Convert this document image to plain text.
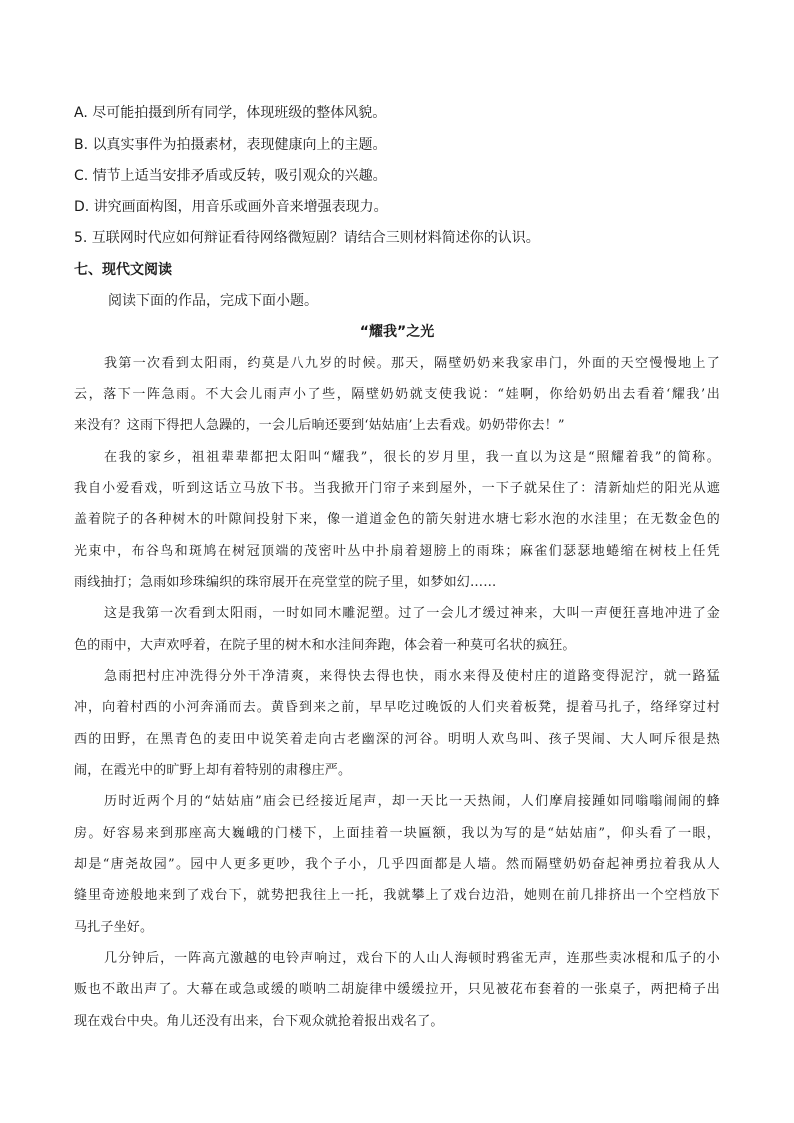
A. 尽可能拍摄到所有同学，体现班级的整体风貌。
B. 以真实事件为拍摄素材，表现健康向上的主题。
C. 情节上适当安排矛盾或反转，吸引观众的兴趣。
D. 讲究画面构图，用音乐或画外音来增强表现力。
5. 互联网时代应如何辩证看待网络微短剧？请结合三则材料简述你的认识。
七、现代文阅读
阅读下面的作品，完成下面小题。
“耀我”之光
我第一次看到太阳雨，约莫是八九岁的时候。那天，隔壁奶奶来我家串门，外面的天空慢慢地上了
云，落下一阵急雨。不大会儿雨声小了些，隔壁奶奶就支使我说：“娃啊，你给奶奶出去看着‘耀我’出
来没有？这雨下得把人急躁的，一会儿后晌还要到‘姑姑庙’上去看戏。奶奶带你去！”
在我的家乡，祖祖辈辈都把太阳叫“耀我”，很长的岁月里，我一直以为这是“照耀着我”的简称。
我自小爱看戏，听到这话立马放下书。当我掀开门帘子来到屋外，一下子就呆住了：清新灿烂的阳光从遮
盖着院子的各种树木的叶隙间投射下来，像一道道金色的箭矢射进水塘七彩水泡的水洼里；在无数金色的
光束中，布谷鸟和斑鸠在树冠顶端的茂密叶丛中扑扇着翅膀上的雨珠；麻雀们瑟瑟地蜷缩在树枝上任凭
雨线抽打；急雨如珍珠编织的珠帘展开在亮堂堂的院子里，如梦如幻……
这是我第一次看到太阳雨，一时如同木雕泥塑。过了一会儿才缓过神来，大叫一声便狂喜地冲进了金
色的雨中，大声欢呼着，在院子里的树木和水洼间奔跑，体会着一种莫可名状的疯狂。
急雨把村庄冲洗得分外干净清爽，来得快去得也快，雨水来得及使村庄的道路变得泥泞，就一路猛
冲，向着村西的小河奔涌而去。黄昏到来之前，早早吃过晚饭的人们夹着板凳，提着马扎子，络绎穿过村
西的田野，在黑青色的麦田中说笑着走向古老幽深的河谷。明明人欢鸟叫、孩子哭闹、大人呵斥很是热
闹，在霞光中的旷野上却有着特别的肃穆庄严。
历时近两个月的“姑姑庙”庙会已经接近尾声，却一天比一天热闹，人们摩肩接踵如同嗡嗡闹闹的蜂
房。好容易来到那座高大巍峨的门楼下，上面挂着一块匾额，我以为写的是“姑姑庙”，仰头看了一眼，
却是“唐尧故园”。园中人更多更吵，我个子小，几乎四面都是人墙。然而隔壁奶奶奋起神勇拉着我从人
缝里奇迹般地来到了戏台下，就势把我往上一托，我就攀上了戏台边沿，她则在前几排挤出一个空档放下
马扎子坐好。
几分钟后，一阵高亢激越的电铃声响过，戏台下的人山人海顿时鸦雀无声，连那些卖冰棍和瓜子的小
贩也不敢出声了。大幕在或急或缓的唢呐二胡旋律中缓缓拉开，只见被花布套着的一张桌子，两把椅子出
现在戏台中央。角儿还没有出来，台下观众就抢着报出戏名了。
